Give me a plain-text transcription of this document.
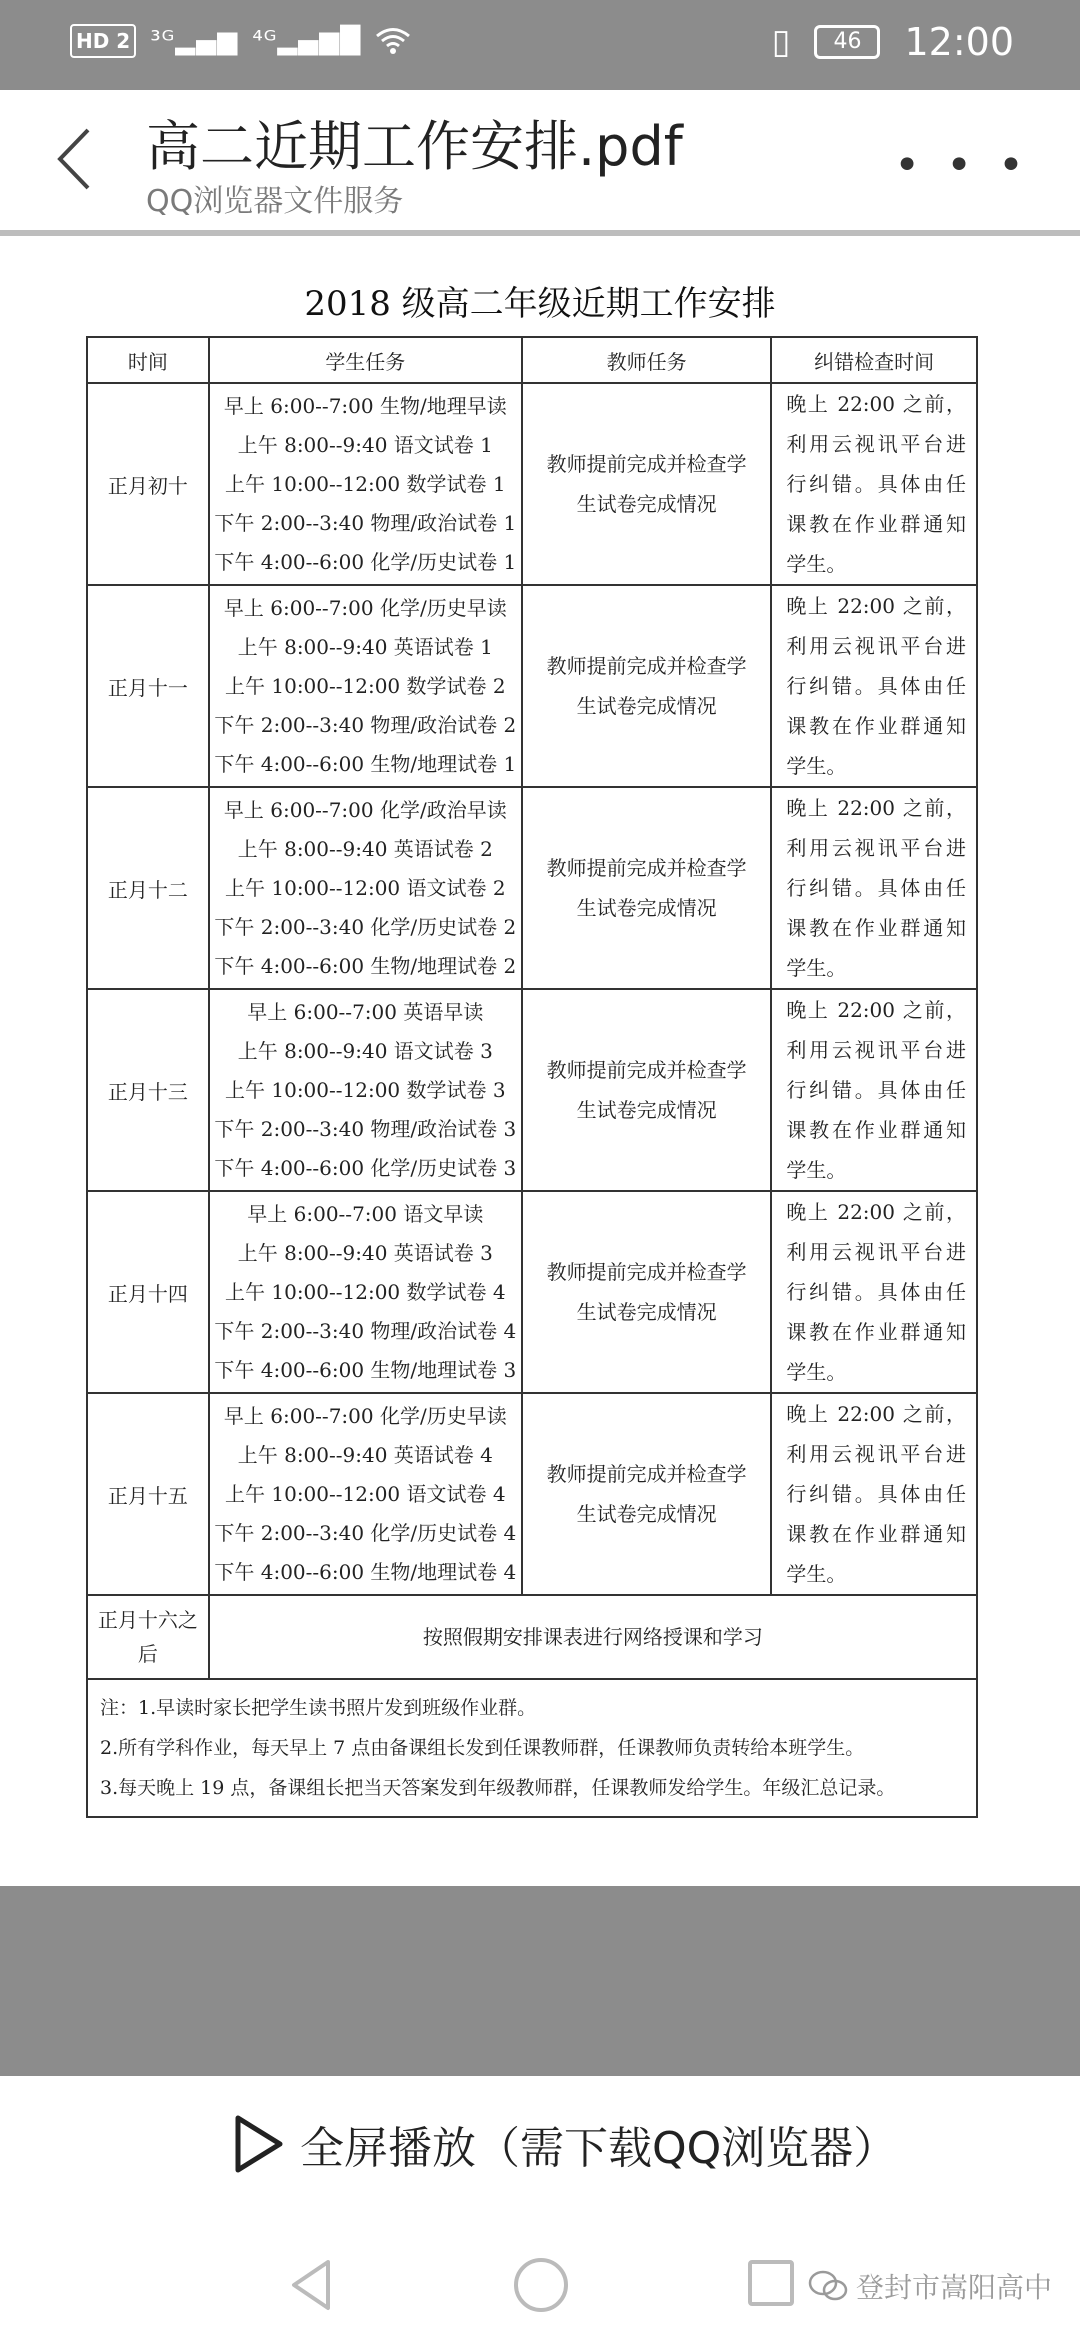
HD 2 ³ᴳ▂▄▆ ⁴ᴳ▂▄▆█	▯	46	12:00
高二近期工作安排.pdf
QQ浏览器文件服务
• • •
2018 级高二年级近期工作安排
时间	学生任务	教师任务	纠错检查时间
正月初十	早上 6:00--7:00 生物/地理早读
上午 8:00--9:40 语文试卷 1
上午 10:00--12:00 数学试卷 1
下午 2:00--3:40 物理/政治试卷 1
下午 4:00--6:00 化学/历史试卷 1	教师提前完成并检查学生试卷完成情况	晚上 22:00 之前，利用云视讯平台进行纠错。具体由任课教在作业群通知学生。

正月十一	早上 6:00--7:00 化学/历史早读
上午 8:00--9:40 英语试卷 1
上午 10:00--12:00 数学试卷 2
下午 2:00--3:40 物理/政治试卷 2
下午 4:00--6:00 生物/地理试卷 1	教师提前完成并检查学生试卷完成情况	晚上 22:00 之前，利用云视讯平台进行纠错。具体由任课教在作业群通知学生。

正月十二	早上 6:00--7:00 化学/政治早读
上午 8:00--9:40 英语试卷 2
上午 10:00--12:00 语文试卷 2
下午 2:00--3:40 化学/历史试卷 2
下午 4:00--6:00 生物/地理试卷 2	教师提前完成并检查学生试卷完成情况	晚上 22:00 之前，利用云视讯平台进行纠错。具体由任课教在作业群通知学生。

正月十三	早上 6:00--7:00 英语早读
上午 8:00--9:40 语文试卷 3
上午 10:00--12:00 数学试卷 3
下午 2:00--3:40 物理/政治试卷 3
下午 4:00--6:00 化学/历史试卷 3	教师提前完成并检查学生试卷完成情况	晚上 22:00 之前，利用云视讯平台进行纠错。具体由任课教在作业群通知学生。

正月十四	早上 6:00--7:00 语文早读
上午 8:00--9:40 英语试卷 3
上午 10:00--12:00 数学试卷 4
下午 2:00--3:40 物理/政治试卷 4
下午 4:00--6:00 生物/地理试卷 3	教师提前完成并检查学生试卷完成情况	晚上 22:00 之前，利用云视讯平台进行纠错。具体由任课教在作业群通知学生。

正月十五	早上 6:00--7:00 化学/历史早读
上午 8:00--9:40 英语试卷 4
上午 10:00--12:00 语文试卷 4
下午 2:00--3:40 化学/历史试卷 4
下午 4:00--6:00 生物/地理试卷 4	教师提前完成并检查学生试卷完成情况	晚上 22:00 之前，利用云视讯平台进行纠错。具体由任课教在作业群通知学生。

正月十六之后	按照假期安排课表进行网络授课和学习		

注：1.早读时家长把学生读书照片发到班级作业群。
2.所有学科作业，每天早上 7 点由备课组长发到任课教师群，任课教师负责转给本班学生。
3.每天晚上 19 点，备课组长把当天答案发到年级教师群，任课教师发给学生。年级汇总记录。			
全屏播放（需下载QQ浏览器）
登封市嵩阳高中
